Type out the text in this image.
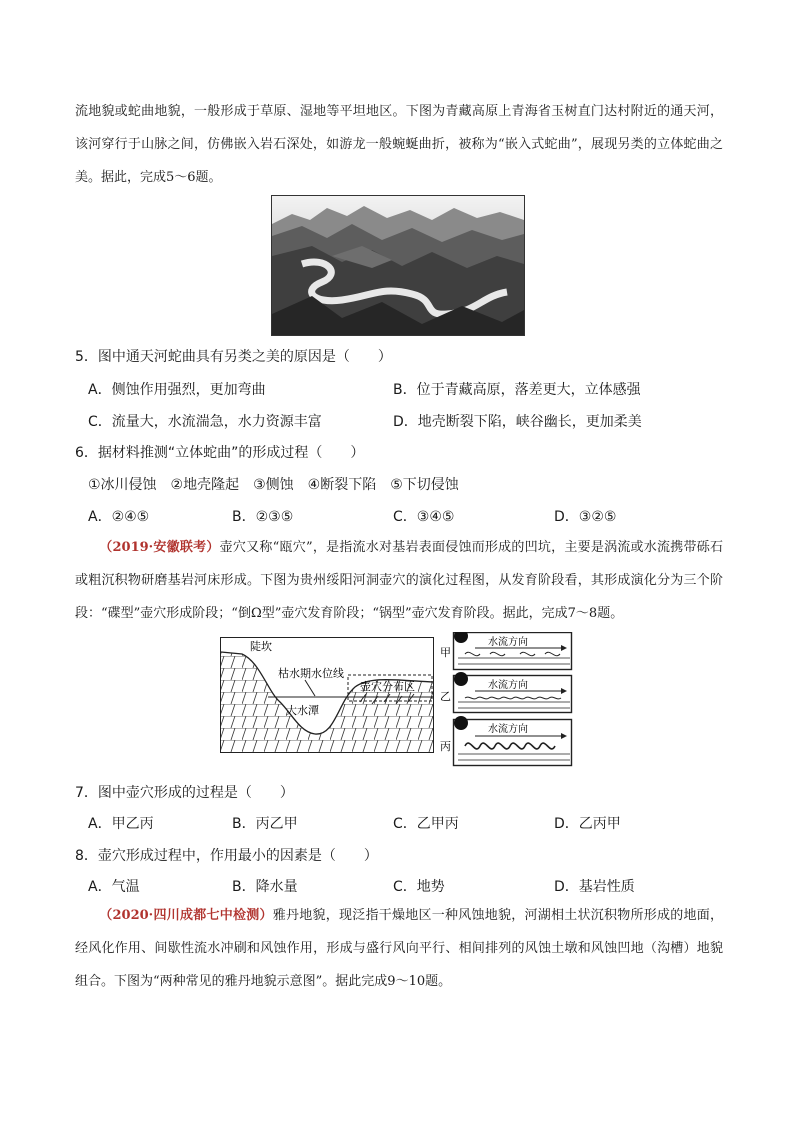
流地貌或蛇曲地貌，一般形成于草原、湿地等平坦地区。下图为青藏高原上青海省玉树直门达村附近的通天河，该河穿行于山脉之间，仿佛嵌入岩石深处，如游龙一般蜿蜒曲折，被称为“嵌入式蛇曲”，展现另类的立体蛇曲之美。据此，完成5～6题。
5．图中通天河蛇曲具有另类之美的原因是（　　）
A．侧蚀作用强烈，更加弯曲	B．位于青藏高原，落差更大，立体感强
C．流量大，水流湍急，水力资源丰富	D．地壳断裂下陷，峡谷幽长，更加柔美
6．据材料推测“立体蛇曲”的形成过程（　　）
①冰川侵蚀　②地壳隆起　③侧蚀　④断裂下陷　⑤下切侵蚀
A．②④⑤	B．②③⑤	C．③④⑤	D．③②⑤
（2019·安徽联考）壶穴又称“瓯穴”，是指流水对基岩表面侵蚀而形成的凹坑，主要是涡流或水流携带砾石或粗沉积物研磨基岩河床形成。下图为贵州绥阳河洞壶穴的演化过程图，从发育阶段看，其形成演化分为三个阶段：“碟型”壶穴形成阶段；“倒Ω型”壶穴发育阶段；“锅型”壶穴发育阶段。据此，完成7～8题。
陡坎
枯水期水位线
壶穴分布区
大水潭
甲
乙
丙
水流方向
水流方向
水流方向
7．图中壶穴形成的过程是（　　）
A．甲乙丙	B．丙乙甲	C．乙甲丙	D．乙丙甲
8．壶穴形成过程中，作用最小的因素是（　　）
A．气温	B．降水量	C．地势	D．基岩性质
（2020·四川成都七中检测）雅丹地貌，现泛指干燥地区一种风蚀地貌，河湖相土状沉积物所形成的地面，经风化作用、间歇性流水冲刷和风蚀作用，形成与盛行风向平行、相间排列的风蚀土墩和风蚀凹地（沟槽）地貌组合。下图为“两种常见的雅丹地貌示意图”。据此完成9～10题。
